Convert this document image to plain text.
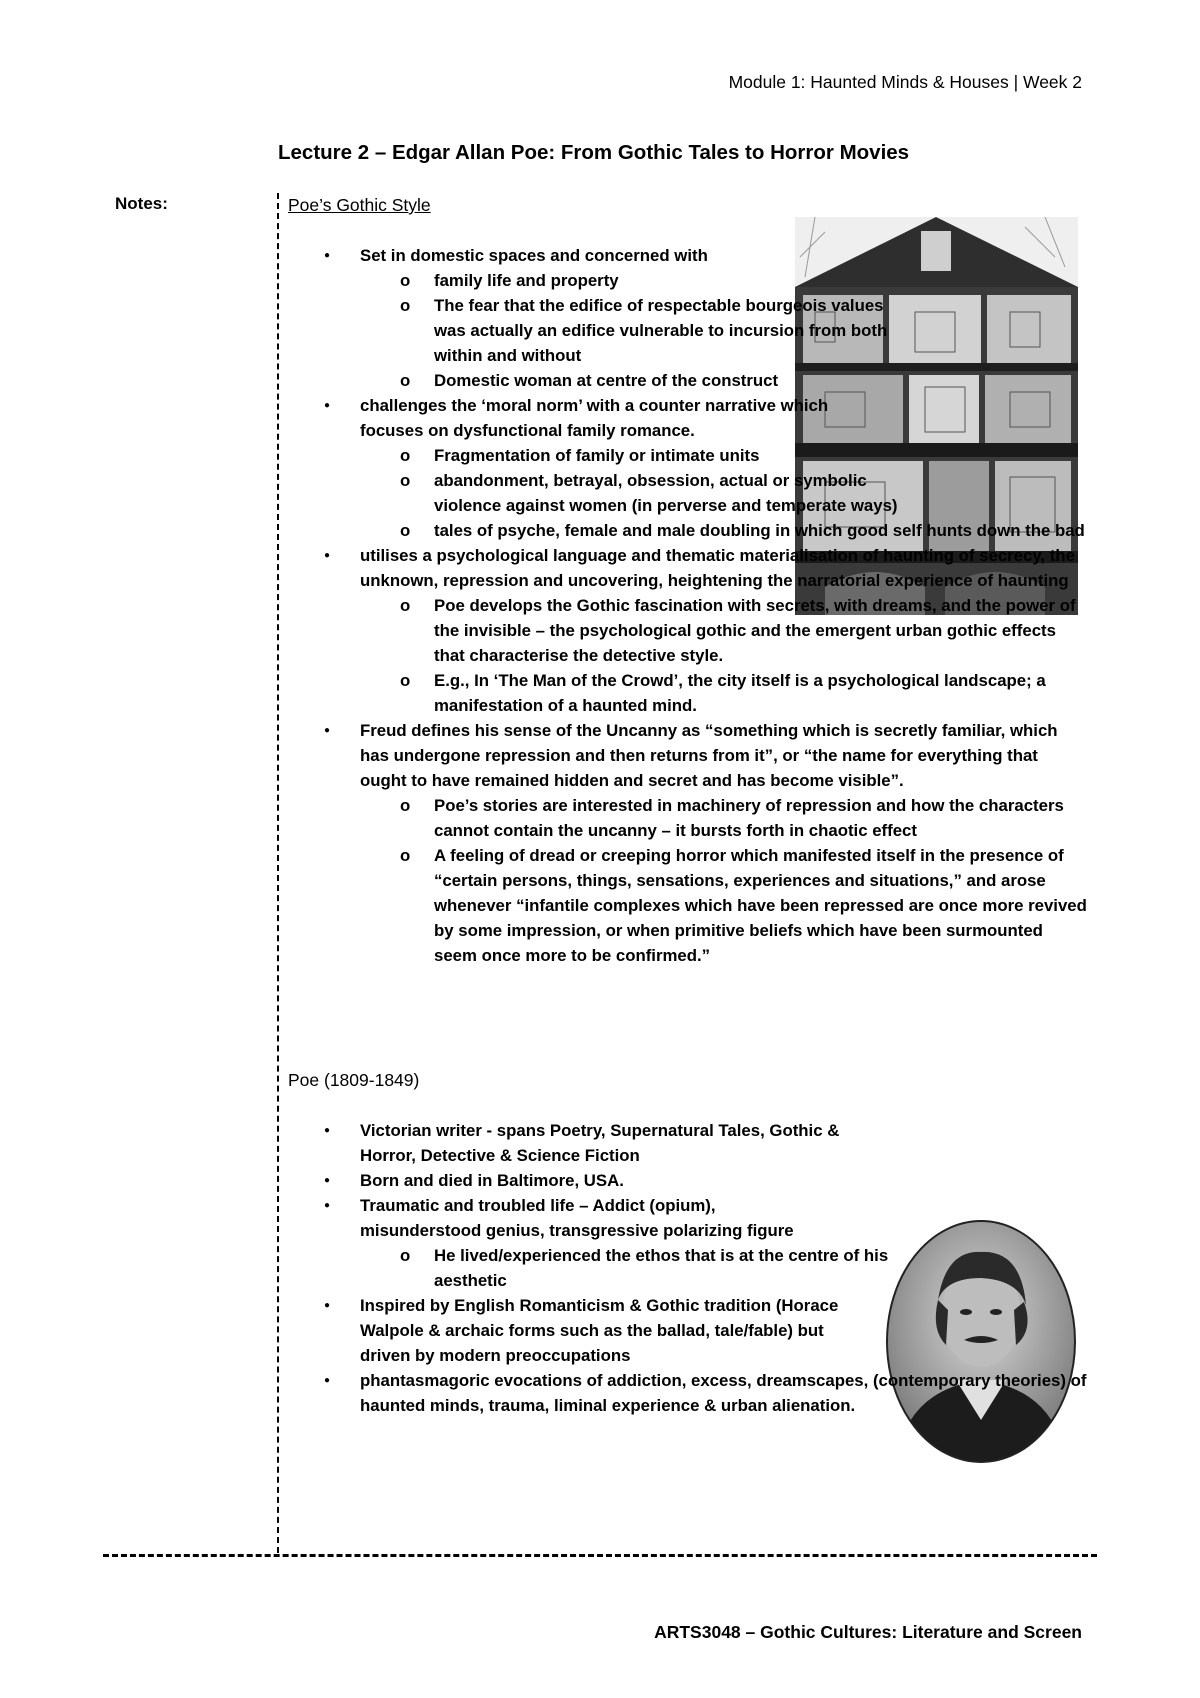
Module 1: Haunted Minds & Houses | Week 2
Lecture 2 – Edgar Allan Poe: From Gothic Tales to Horror Movies
Notes:	Poe’s Gothic Style
● Set in domestic spaces and concerned with
o family life and property
o The fear that the edifice of respectable bourgeois values was actually an edifice vulnerable to incursion from both within and without
o Domestic woman at centre of the construct
● challenges the ‘moral norm’ with a counter narrative which focuses on dysfunctional family romance.
o Fragmentation of family or intimate units
o abandonment, betrayal, obsession, actual or symbolic violence against women (in perverse and temperate ways)
o tales of psyche, female and male doubling in which good self hunts down the bad
● utilises a psychological language and thematic materialisation of haunting of secrecy, the unknown, repression and uncovering, heightening the narratorial experience of haunting
o Poe develops the Gothic fascination with secrets, with dreams, and the power of the invisible – the psychological gothic and the emergent urban gothic effects that characterise the detective style.
o E.g., In ‘The Man of the Crowd’, the city itself is a psychological landscape; a manifestation of a haunted mind.
● Freud defines his sense of the Uncanny as “something which is secretly familiar, which has undergone repression and then returns from it”, or “the name for everything that ought to have remained hidden and secret and has become visible”.
o Poe’s stories are interested in machinery of repression and how the characters cannot contain the uncanny – it bursts forth in chaotic effect
o A feeling of dread or creeping horror which manifested itself in the presence of “certain persons, things, sensations, experiences and situations,” and arose whenever “infantile complexes which have been repressed are once more revived by some impression, or when primitive beliefs which have been surmounted seem once more to be confirmed.”
Poe (1809-1849)
● Victorian writer - spans Poetry, Supernatural Tales, Gothic & Horror, Detective & Science Fiction
● Born and died in Baltimore, USA.
● Traumatic and troubled life – Addict (opium), misunderstood genius, transgressive polarizing figure
o He lived/experienced the ethos that is at the centre of his aesthetic
● Inspired by English Romanticism & Gothic tradition (Horace Walpole & archaic forms such as the ballad, tale/fable) but driven by modern preoccupations
● phantasmagoric evocations of addiction, excess, dreamscapes, (contemporary theories) of haunted minds, trauma, liminal experience & urban alienation.
ARTS3048 – Gothic Cultures: Literature and Screen
